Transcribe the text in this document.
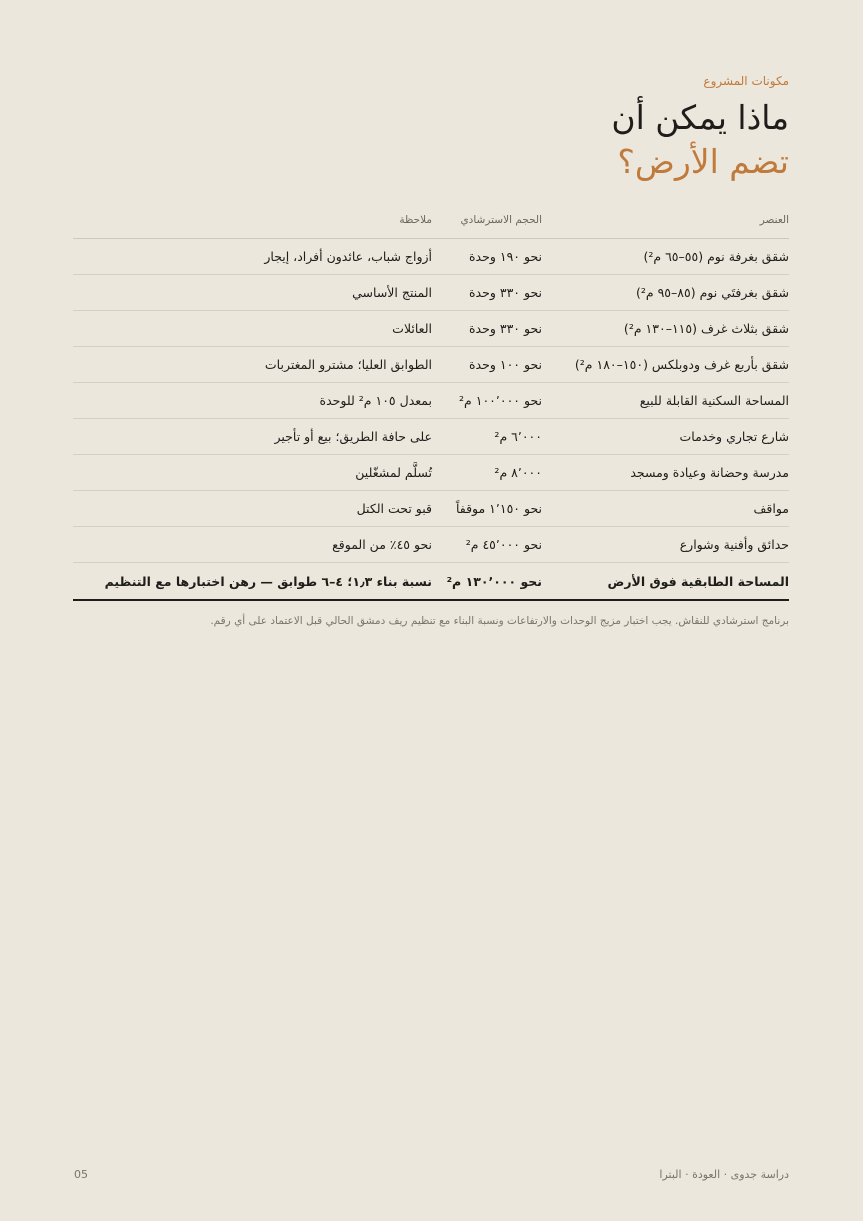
مكونات المشروع
ماذا يمكن أن
تضم الأرض؟
العنصر
الحجم الاسترشادي
ملاحظة
شقق بغرفة نوم (٥٥–٦٥ م²)
نحو ١٩٠ وحدة
أزواج شباب، عائدون أفراد، إيجار
شقق بغرفتَي نوم (٨٥–٩٥ م²)
نحو ٣٣٠ وحدة
المنتج الأساسي
شقق بثلاث غرف (١١٥–١٣٠ م²)
نحو ٣٣٠ وحدة
العائلات
شقق بأربع غرف ودوبلكس (١٥٠–١٨٠ م²)
نحو ١٠٠ وحدة
الطوابق العليا؛ مشترو المغتربات
المساحة السكنية القابلة للبيع
نحو ١٠٠٬٠٠٠ م²
بمعدل ١٠٥ م² للوحدة
شارع تجاري وخدمات
٦٬٠٠٠ م²
على حافة الطريق؛ بيع أو تأجير
مدرسة وحضانة وعيادة ومسجد
٨٬٠٠٠ م²
تُسلَّم لمشغّلين
مواقف
نحو ١٬١٥٠ موقفاً
قبو تحت الكتل
حدائق وأفنية وشوارع
نحو ٤٥٬٠٠٠ م²
نحو ٤٥٪ من الموقع
المساحة الطابقية فوق الأرض
نحو ١٣٠٬٠٠٠ م²
نسبة بناء ١٫٣؛ ٤–٦ طوابق — رهن اختبارها مع التنظيم
برنامج استرشادي للنقاش. يجب اختبار مزيج الوحدات والارتفاعات ونسبة البناء مع تنظيم ريف دمشق الحالي قبل الاعتماد على أي رقم.
دراسة جدوى · العودة · البترا
05
